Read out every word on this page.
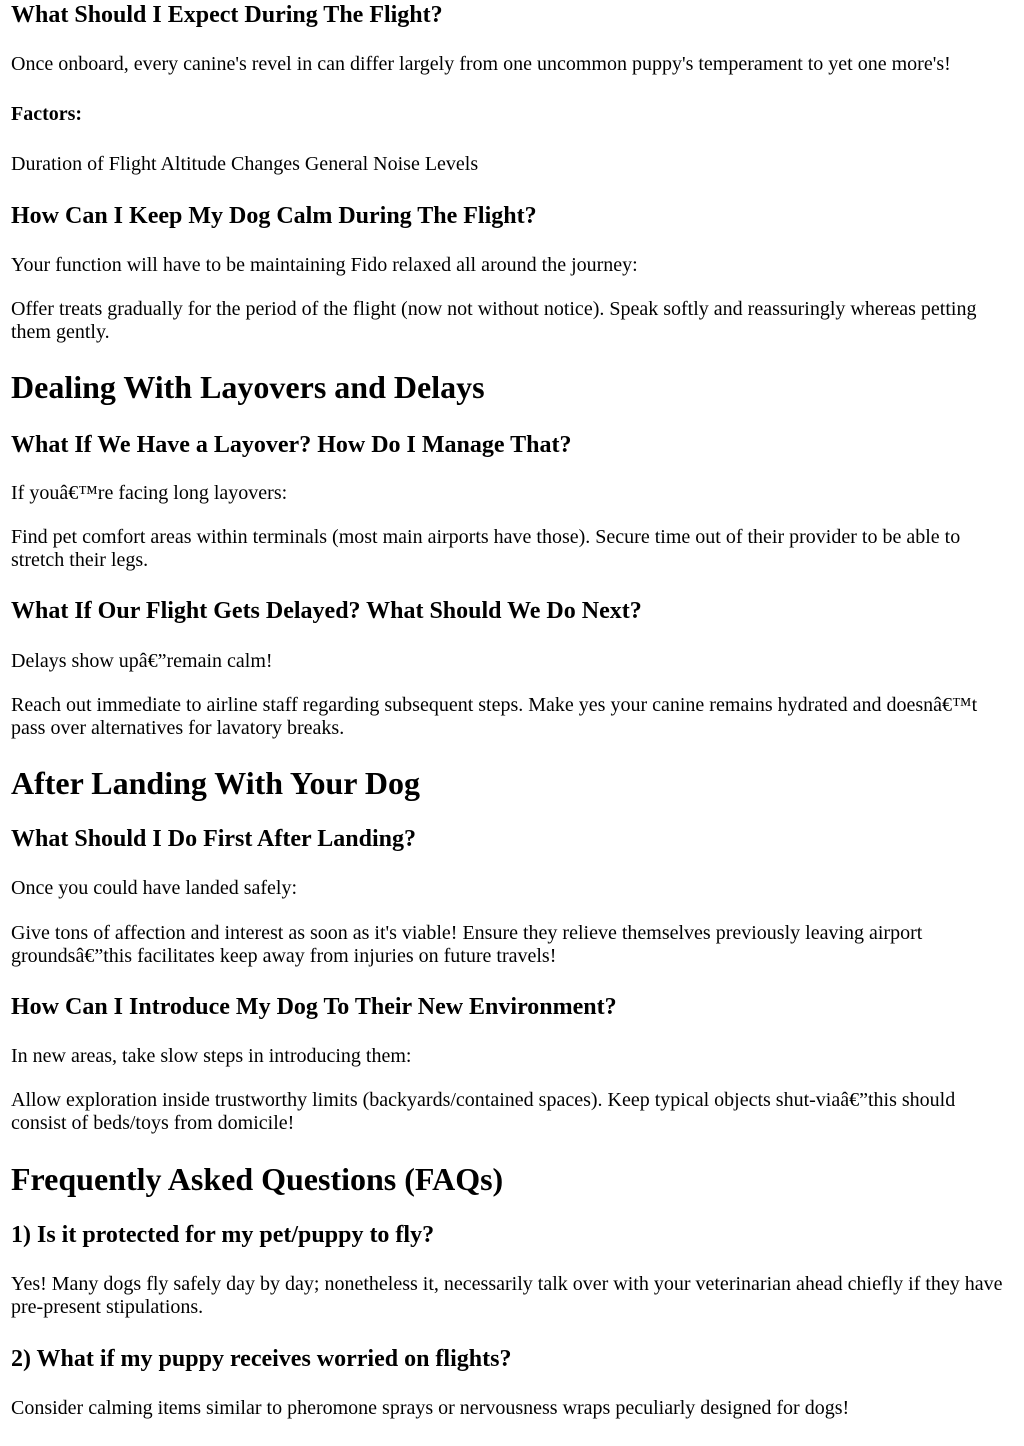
What Should I Expect During The Flight?

Once onboard, every canine's revel in can differ largely from one uncommon puppy's temperament to yet one more's!

Factors:

Duration of Flight Altitude Changes General Noise Levels

How Can I Keep My Dog Calm During The Flight?

Your function will have to be maintaining Fido relaxed all around the journey:

Offer treats gradually for the period of the flight (now not without notice). Speak softly and reassuringly whereas petting them gently.

Dealing With Layovers and Delays
What If We Have a Layover? How Do I Manage That?

If youâ€™re facing long layovers:

Find pet comfort areas within terminals (most main airports have those). Secure time out of their provider to be able to stretch their legs.

What If Our Flight Gets Delayed? What Should We Do Next?

Delays show upâ€”remain calm!

Reach out immediate to airline staff regarding subsequent steps. Make yes your canine remains hydrated and doesnâ€™t pass over alternatives for lavatory breaks.

After Landing With Your Dog
What Should I Do First After Landing?

Once you could have landed safely:

Give tons of affection and interest as soon as it's viable! Ensure they relieve themselves previously leaving airport groundsâ€”this facilitates keep away from injuries on future travels!

How Can I Introduce My Dog To Their New Environment?

In new areas, take slow steps in introducing them:

Allow exploration inside trustworthy limits (backyards/contained spaces). Keep typical objects shut-viaâ€”this should consist of beds/toys from domicile!

Frequently Asked Questions (FAQs)
1) Is it protected for my pet/puppy to fly?

Yes! Many dogs fly safely day by day; nonetheless it, necessarily talk over with your veterinarian ahead chiefly if they have pre-present stipulations.

2) What if my puppy receives worried on flights?

Consider calming items similar to pheromone sprays or nervousness wraps peculiarly designed for dogs!
